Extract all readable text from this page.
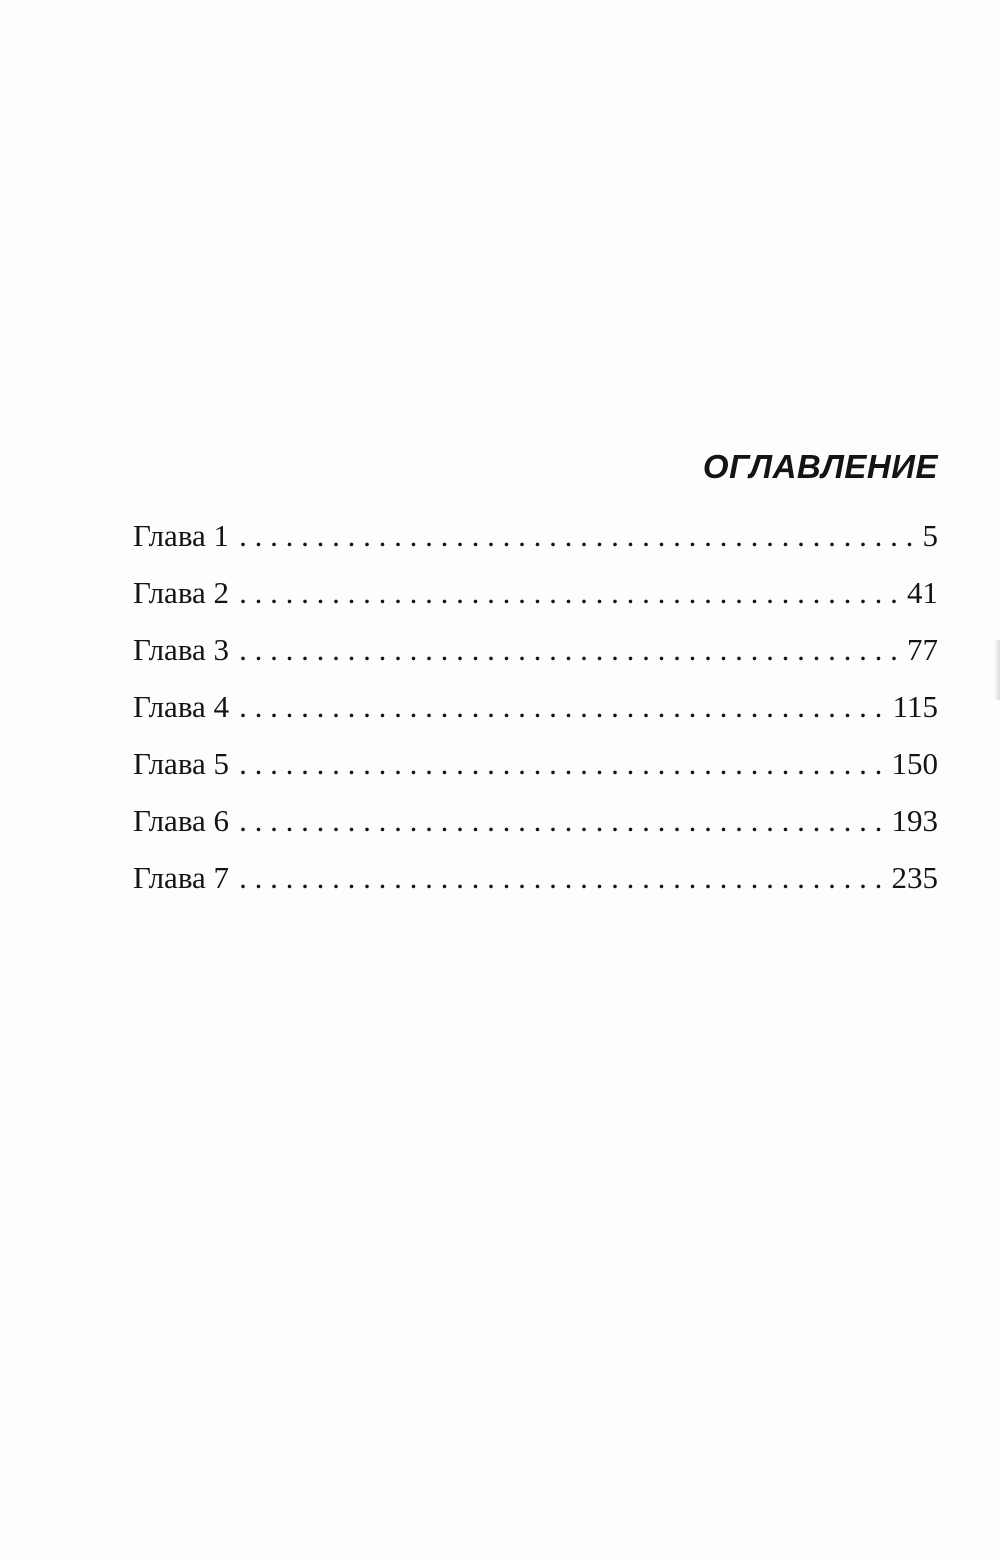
ОГЛАВЛЕНИЕ
Глава 1 . . .	5
Глава 2 . . .	41
Глава 3 . . .	77
Глава 4 . . .	115
Глава 5 . . .	150
Глава 6 . . .	193
Глава 7 . . .	235
